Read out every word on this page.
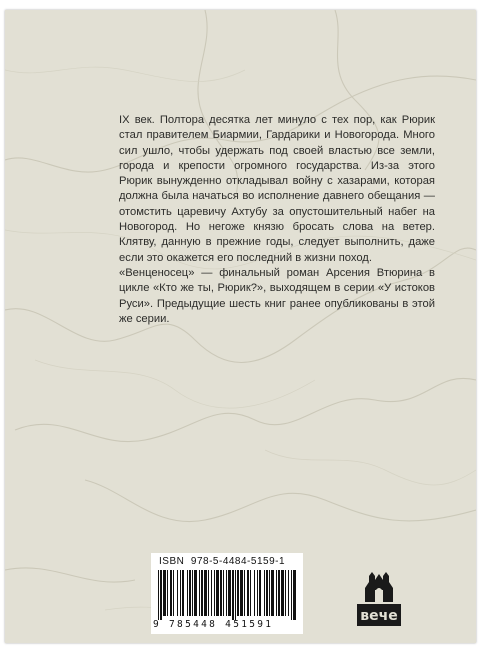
IX век. Полтора десятка лет минуло с тех пор, как Рюрик стал правителем Биармии, Гардарики и Новогорода. Много сил ушло, чтобы удержать под своей властью все земли, города и крепости огромного государства. Из-за этого Рюрик вынужденно откладывал войну с хазарами, которая должна была начаться во исполнение давнего обещания — отомстить царевичу Ахтубу за опустошительный набег на Новогород. Но негоже князю бросать слова на ветер. Клятву, данную в прежние годы, следует выполнить, даже если это окажется его последний в жизни поход.

«Венценосец» — финальный роман Арсения Втюрина в цикле «Кто же ты, Рюрик?», выходящем в серии «У истоков Руси». Предыдущие шесть книг ранее опубликованы в этой же серии.

ISBN 978-5-4484-5159-1
9 785448 451591
вече
